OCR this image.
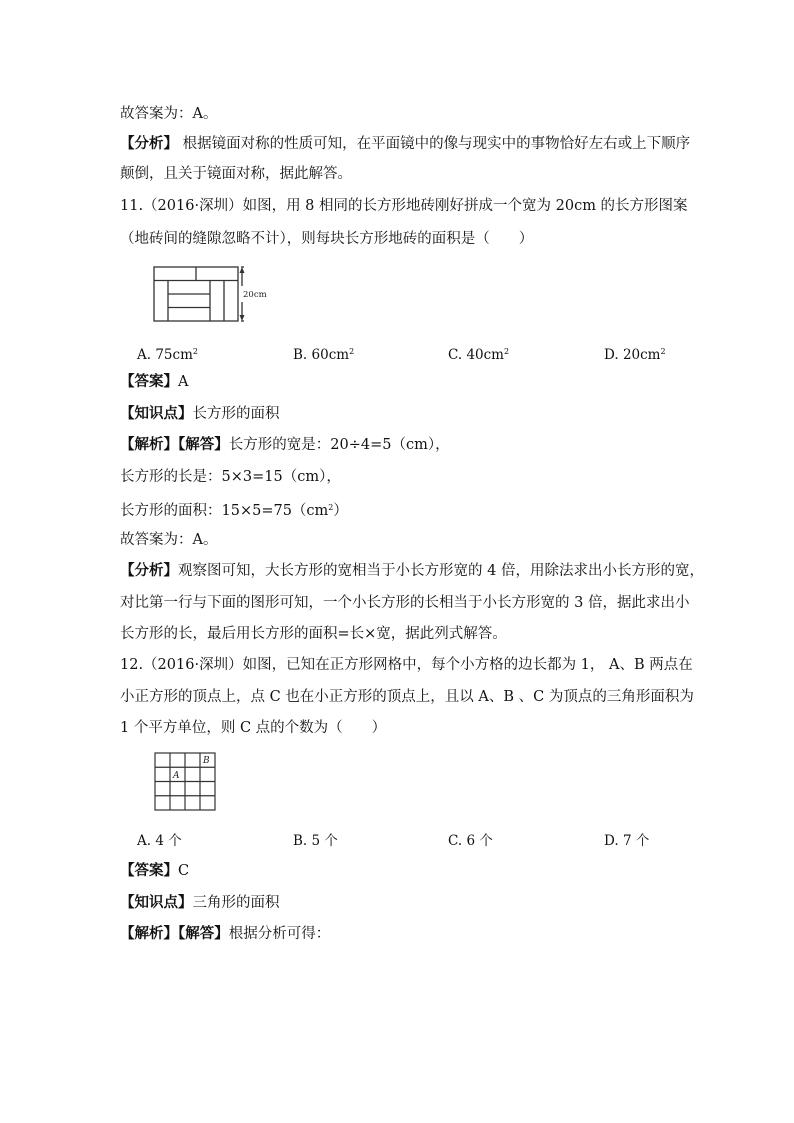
故答案为：A。
【分析】 根据镜面对称的性质可知，在平面镜中的像与现实中的事物恰好左右或上下顺序
颠倒，且关于镜面对称，据此解答。
11.（2016·深圳）如图，用 8 相同的长方形地砖刚好拼成一个宽为 20cm 的长方形图案
（地砖间的缝隙忽略不计），则每块长方形地砖的面积是（　　）
20cm
A. $75cm^2$	B. $60cm^2$	C. $40cm^2$	D. $20cm^2$
【答案】A
【知识点】长方形的面积
【解析】【解答】长方形的宽是：20÷4=5（cm），
长方形的长是：5×3=15（cm），
长方形的面积：$15\times 5=75(cm^2)$
故答案为：A。
【分析】观察图可知，大长方形的宽相当于小长方形宽的 4 倍，用除法求出小长方形的宽，
对比第一行与下面的图形可知，一个小长方形的长相当于小长方形宽的 3 倍，据此求出小
长方形的长，最后用长方形的面积=长×宽，据此列式解答。
12.（2016·深圳）如图，已知在正方形网格中，每个小方格的边长都为 1， A、B 两点在
小正方形的顶点上，点 C 也在小正方形的顶点上，且以 A、B 、C 为顶点的三角形面积为
1 个平方单位，则 C 点的个数为（　　）
A
B
A. 4 个	B. 5 个	C. 6 个	D. 7 个
【答案】C
【知识点】三角形的面积
【解析】【解答】根据分析可得：
